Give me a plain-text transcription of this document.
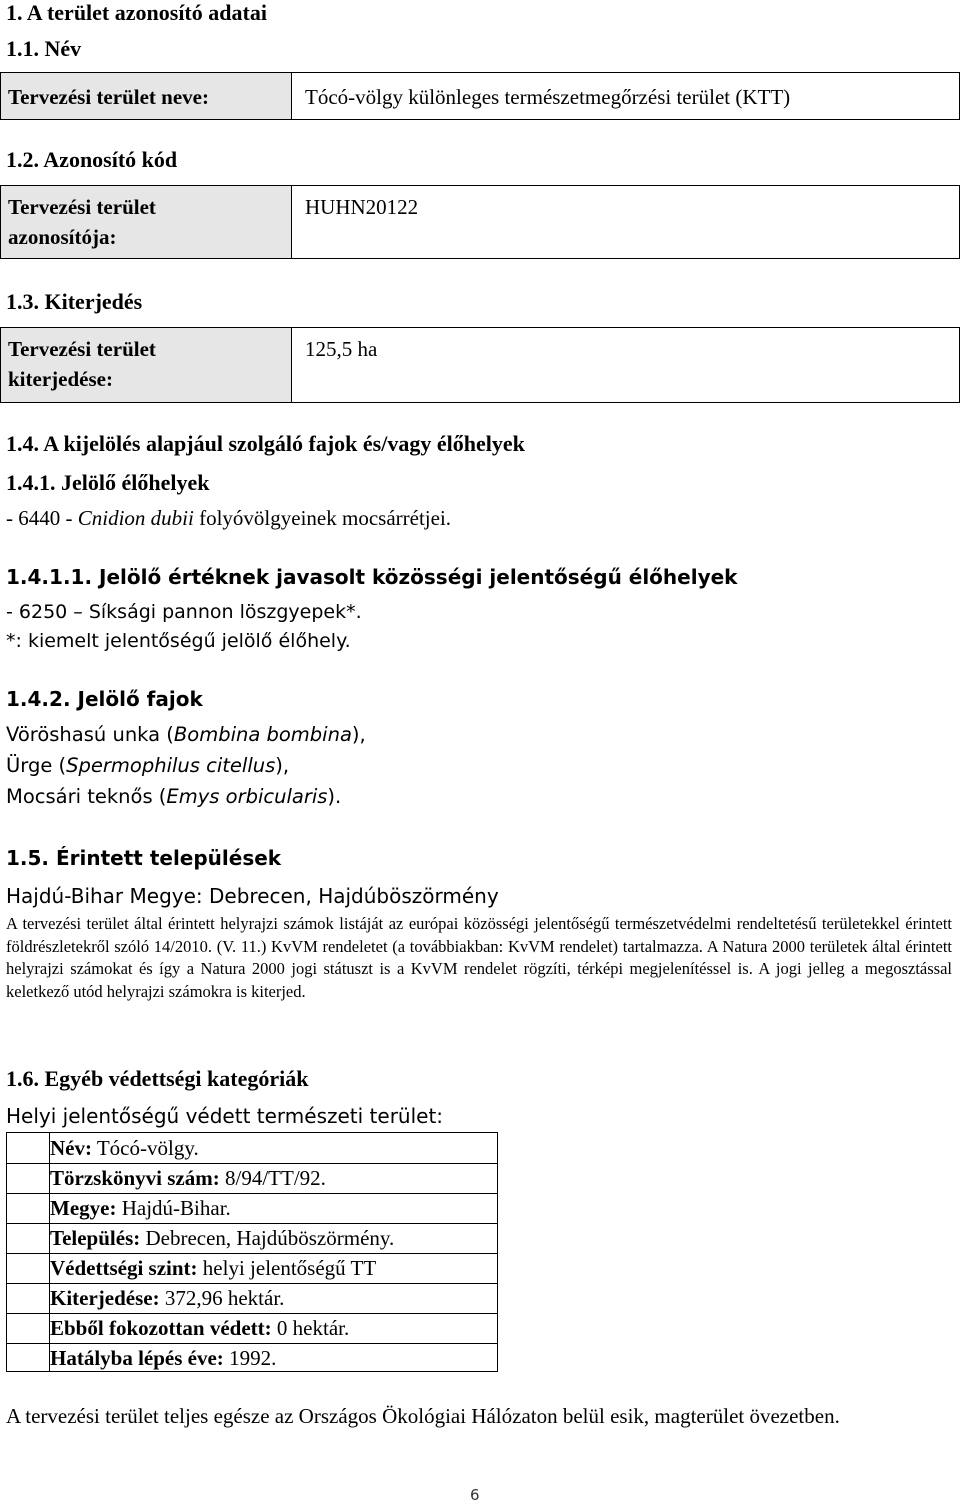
1. A terület azonosító adatai
1.1. Név
Tervezési terület neve:	Tócó-völgy különleges természetmegőrzési terület (KTT)
1.2. Azonosító kód
Tervezési terület
azonosítója:
HUHN20122
1.3. Kiterjedés
Tervezési terület
kiterjedése:
125,5 ha
1.4. A kijelölés alapjául szolgáló fajok és/vagy élőhelyek
1.4.1. Jelölő élőhelyek
- 6440 - Cnidion dubii folyóvölgyeinek mocsárrétjei.
1.4.1.1. Jelölő értéknek javasolt közösségi jelentőségű élőhelyek
- 6250 – Síksági pannon löszgyepek*.
*: kiemelt jelentőségű jelölő élőhely.
1.4.2. Jelölő fajok
Vöröshasú unka (Bombina bombina),
Ürge (Spermophilus citellus),
Mocsári teknős (Emys orbicularis).
1.5. Érintett települések
Hajdú-Bihar Megye: Debrecen, Hajdúböszörmény
A tervezési terület által érintett helyrajzi számok listáját az európai közösségi jelentőségű természetvédelmi rendeltetésű területekkel érintett földrészletekről szóló 14/2010. (V. 11.) KvVM rendeletet (a továbbiakban: KvVM rendelet) tartalmazza. A Natura 2000 területek által érintett helyrajzi számokat és így a Natura 2000 jogi státuszt is a KvVM rendelet rögzíti, térképi megjelenítéssel is. A jogi jelleg a megosztással keletkező utód helyrajzi számokra is kiterjed.
1.6. Egyéb védettségi kategóriák
Helyi jelentőségű védett természeti terület:
Név: Tócó-völgy.
Törzskönyvi szám: 8/94/TT/92.
Megye: Hajdú-Bihar.
Település: Debrecen, Hajdúböszörmény.
Védettségi szint: helyi jelentőségű TT
Kiterjedése: 372,96 hektár.
Ebből fokozottan védett: 0 hektár.
Hatályba lépés éve: 1992.
A tervezési terület teljes egésze az Országos Ökológiai Hálózaton belül esik, magterület övezetben.
6
